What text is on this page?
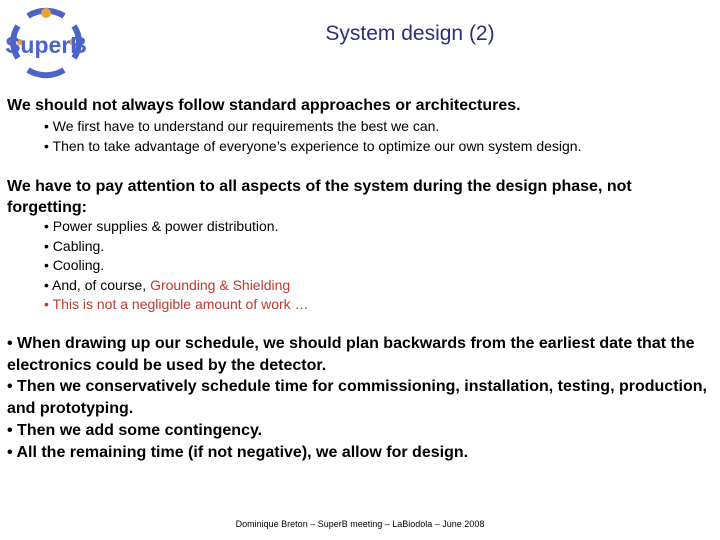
SuperB	System design (2)
We should not always follow standard approaches or architectures.
• We first have to understand our requirements the best we can.
• Then to take advantage of everyone’s experience to optimize our own system design.
We have to pay attention to all aspects of the system during the design phase, not forgetting:
• Power supplies & power distribution.
• Cabling.
• Cooling.
• And, of course, Grounding & Shielding
• This is not a negligible amount of work …
• When drawing up our schedule, we should plan backwards from the earliest date that the electronics could be used by the detector.
• Then we conservatively schedule time for commissioning, installation, testing, production, and prototyping.
• Then we add some contingency.
• All the remaining time (if not negative), we allow for design.
Dominique Breton – SuperB meeting – LaBiodola – June 2008
